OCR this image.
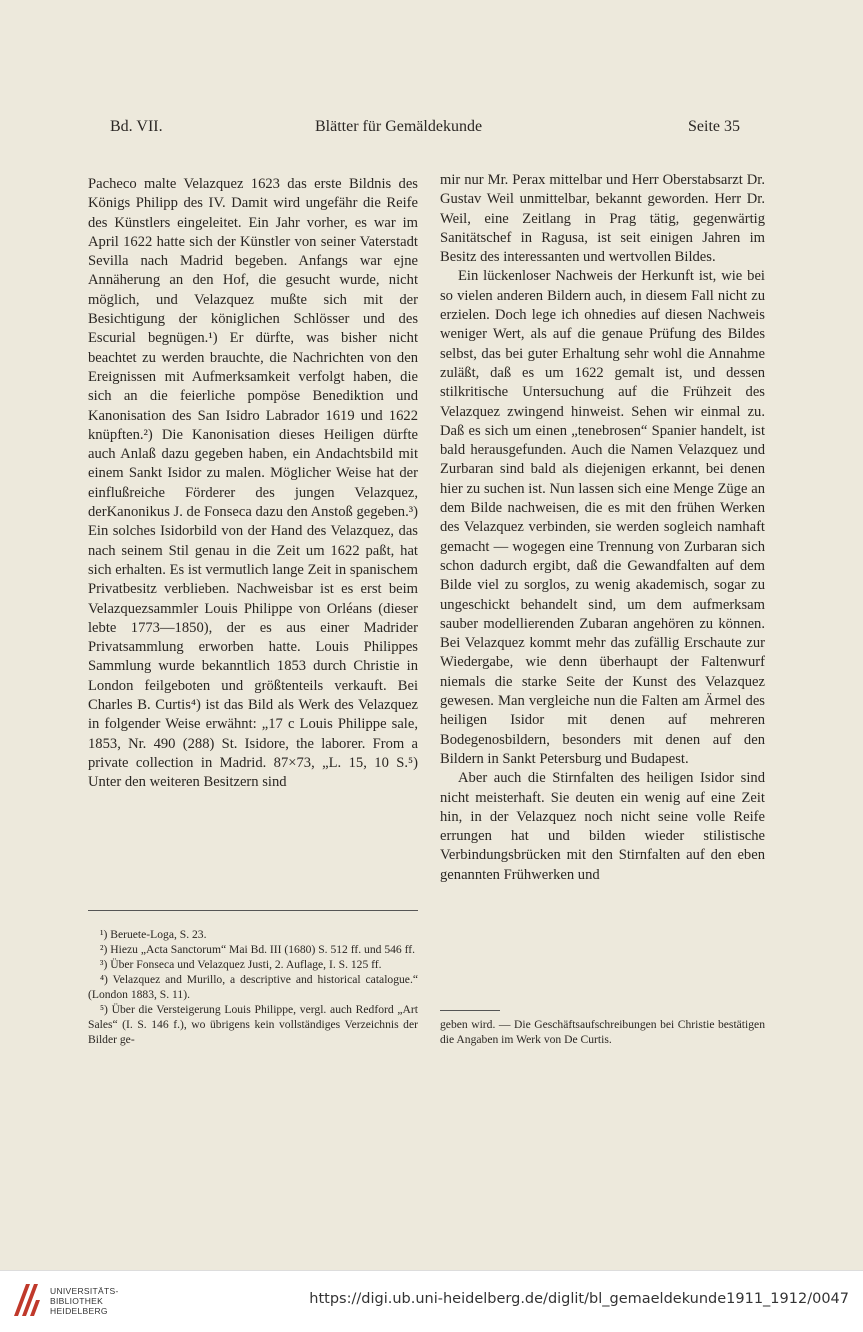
Bd. VII.	Blätter für Gemäldekunde	Seite 35

Pacheco malte Velazquez 1623 das erste Bildnis des Königs Philipp des IV. Damit wird ungefähr die Reife des Künstlers eingeleitet. Ein Jahr vorher, es war im April 1622 hatte sich der Künstler von seiner Vaterstadt Sevilla nach Madrid begeben. Anfangs war ejne Annäherung an den Hof, die gesucht wurde, nicht möglich, und Velazquez mußte sich mit der Besichtigung der königlichen Schlösser und des Escurial begnügen.¹) Er dürfte, was bisher nicht beachtet zu werden brauchte, die Nachrichten von den Ereignissen mit Aufmerksamkeit verfolgt haben, die sich an die feierliche pompöse Benediktion und Kanonisation des San Isidro Labrador 1619 und 1622 knüpften.²) Die Kanonisation dieses Heiligen dürfte auch Anlaß dazu gegeben haben, ein Andachtsbild mit einem Sankt Isidor zu malen. Möglicher Weise hat der einflußreiche Förderer des jungen Velazquez, derKanonikus J. de Fonseca dazu den Anstoß gegeben.³) Ein solches Isidorbild von der Hand des Velazquez, das nach seinem Stil genau in die Zeit um 1622 paßt, hat sich erhalten. Es ist vermutlich lange Zeit in spanischem Privatbesitz verblieben. Nachweisbar ist es erst beim Velazquezsammler Louis Philippe von Orléans (dieser lebte 1773—1850), der es aus einer Madrider Privatsammlung erworben hatte. Louis Philippes Sammlung wurde bekanntlich 1853 durch Christie in London feilgeboten und größtenteils verkauft. Bei Charles B. Curtis⁴) ist das Bild als Werk des Velazquez in folgender Weise erwähnt: „17 c Louis Philippe sale, 1853, Nr. 490 (288) St. Isidore, the laborer. From a private collection in Madrid. 87×73, „L. 15, 10 S.⁵) Unter den weiteren Besitzern sind

mir nur Mr. Perax mittelbar und Herr Oberstabsarzt Dr. Gustav Weil unmittelbar, bekannt geworden. Herr Dr. Weil, eine Zeitlang in Prag tätig, gegenwärtig Sanitätschef in Ragusa, ist seit einigen Jahren im Besitz des interessanten und wertvollen Bildes.

Ein lückenloser Nachweis der Herkunft ist, wie bei so vielen anderen Bildern auch, in diesem Fall nicht zu erzielen. Doch lege ich ohnedies auf diesen Nachweis weniger Wert, als auf die genaue Prüfung des Bildes selbst, das bei guter Erhaltung sehr wohl die Annahme zuläßt, daß es um 1622 gemalt ist, und dessen stilkritische Untersuchung auf die Frühzeit des Velazquez zwingend hinweist. Sehen wir einmal zu. Daß es sich um einen „tenebrosen“ Spanier handelt, ist bald herausgefunden. Auch die Namen Velazquez und Zurbaran sind bald als diejenigen erkannt, bei denen hier zu suchen ist. Nun lassen sich eine Menge Züge an dem Bilde nachweisen, die es mit den frühen Werken des Velazquez verbinden, sie werden sogleich namhaft gemacht — wogegen eine Trennung von Zurbaran sich schon dadurch ergibt, daß die Gewandfalten auf dem Bilde viel zu sorglos, zu wenig akademisch, sogar zu ungeschickt behandelt sind, um dem aufmerksam sauber modellierenden Zubaran angehören zu können. Bei Velazquez kommt mehr das zufällig Erschaute zur Wiedergabe, wie denn überhaupt der Faltenwurf niemals die starke Seite der Kunst des Velazquez gewesen. Man vergleiche nun die Falten am Ärmel des heiligen Isidor mit denen auf mehreren Bodegenosbildern, besonders mit denen auf den Bildern in Sankt Petersburg und Budapest.

Aber auch die Stirnfalten des heiligen Isidor sind nicht meisterhaft. Sie deuten ein wenig auf eine Zeit hin, in der Velazquez noch nicht seine volle Reife errungen hat und bilden wieder stilistische Verbindungsbrücken mit den Stirnfalten auf den eben genannten Frühwerken und

¹) Beruete-Loga, S. 23.

²) Hiezu „Acta Sanctorum“ Mai Bd. III (1680) S. 512 ff. und 546 ff.

³) Über Fonseca und Velazquez Justi, 2. Auflage, I. S. 125 ff.

⁴) Velazquez and Murillo, a descriptive and historical catalogue.“ (London 1883, S. 11).

⁵) Über die Versteigerung Louis Philippe, vergl. auch Redford „Art Sales“ (I. S. 146 f.), wo übrigens kein vollständiges Verzeichnis der Bilder ge-

geben wird. — Die Geschäftsaufschreibungen bei Christie bestätigen die Angaben im Werk von De Curtis.

UNIVERSITÄTS-
BIBLIOTHEK
HEIDELBERG
https://digi.ub.uni-heidelberg.de/diglit/bl_gemaeldekunde1911_1912/0047
